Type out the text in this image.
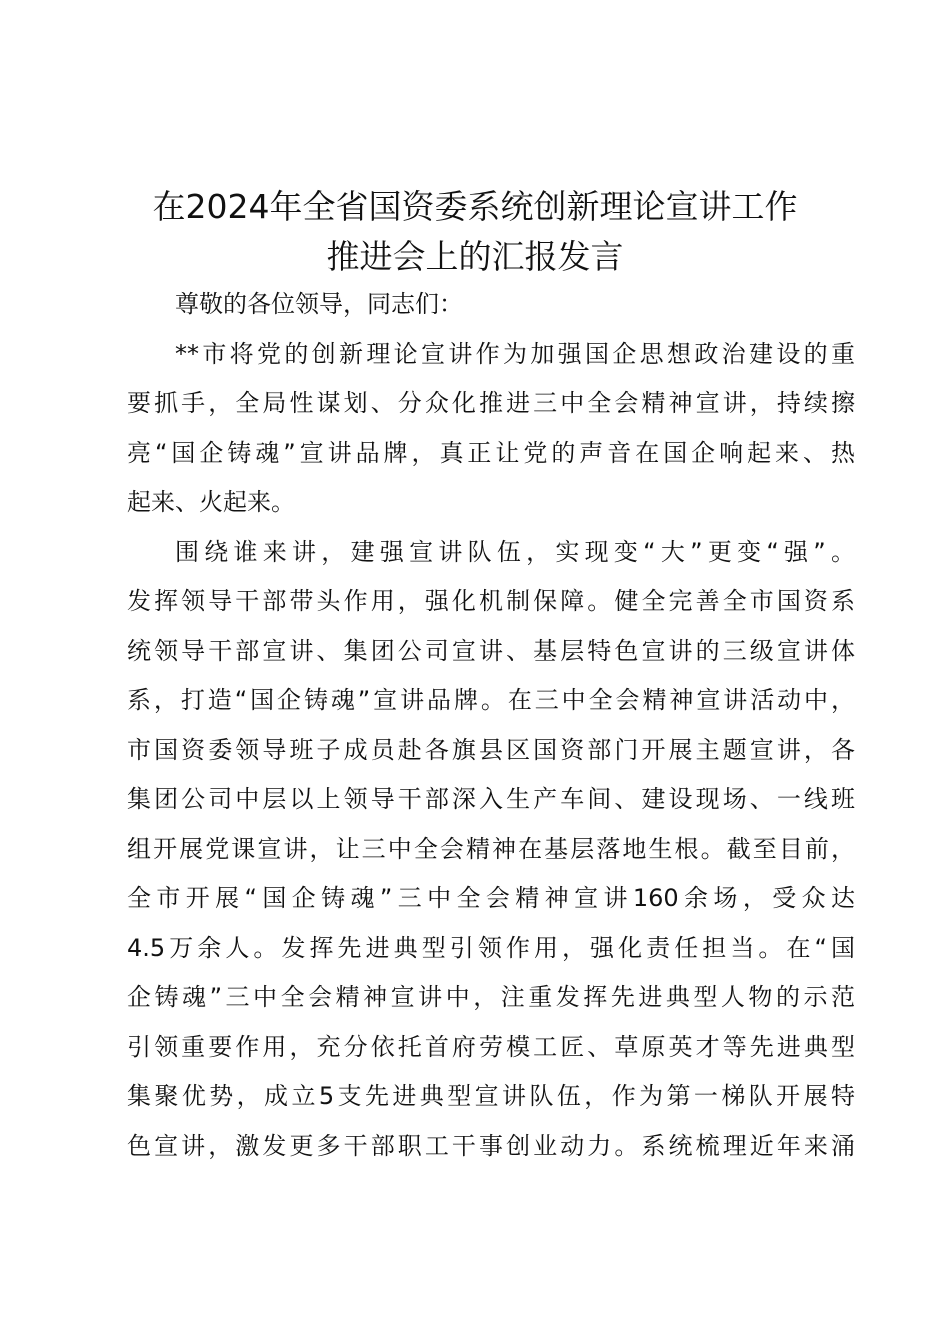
在2024年全省国资委系统创新理论宣讲工作
推进会上的汇报发言
尊敬的各位领导，同志们：
**市将党的创新理论宣讲作为加强国企思想政治建设的重
要抓手，全局性谋划、分众化推进三中全会精神宣讲，持续擦
亮“国企铸魂”宣讲品牌，真正让党的声音在国企响起来、热
起来、火起来。
围绕谁来讲，建强宣讲队伍，实现变“大”更变“强”。
发挥领导干部带头作用，强化机制保障。健全完善全市国资系
统领导干部宣讲、集团公司宣讲、基层特色宣讲的三级宣讲体
系，打造“国企铸魂”宣讲品牌。在三中全会精神宣讲活动中，
市国资委领导班子成员赴各旗县区国资部门开展主题宣讲，各
集团公司中层以上领导干部深入生产车间、建设现场、一线班
组开展党课宣讲，让三中全会精神在基层落地生根。截至目前，
全市开展“国企铸魂”三中全会精神宣讲160余场，受众达
4.5万余人。发挥先进典型引领作用，强化责任担当。在“国
企铸魂”三中全会精神宣讲中，注重发挥先进典型人物的示范
引领重要作用，充分依托首府劳模工匠、草原英才等先进典型
集聚优势，成立5支先进典型宣讲队伍，作为第一梯队开展特
色宣讲，激发更多干部职工干事创业动力。系统梳理近年来涌
